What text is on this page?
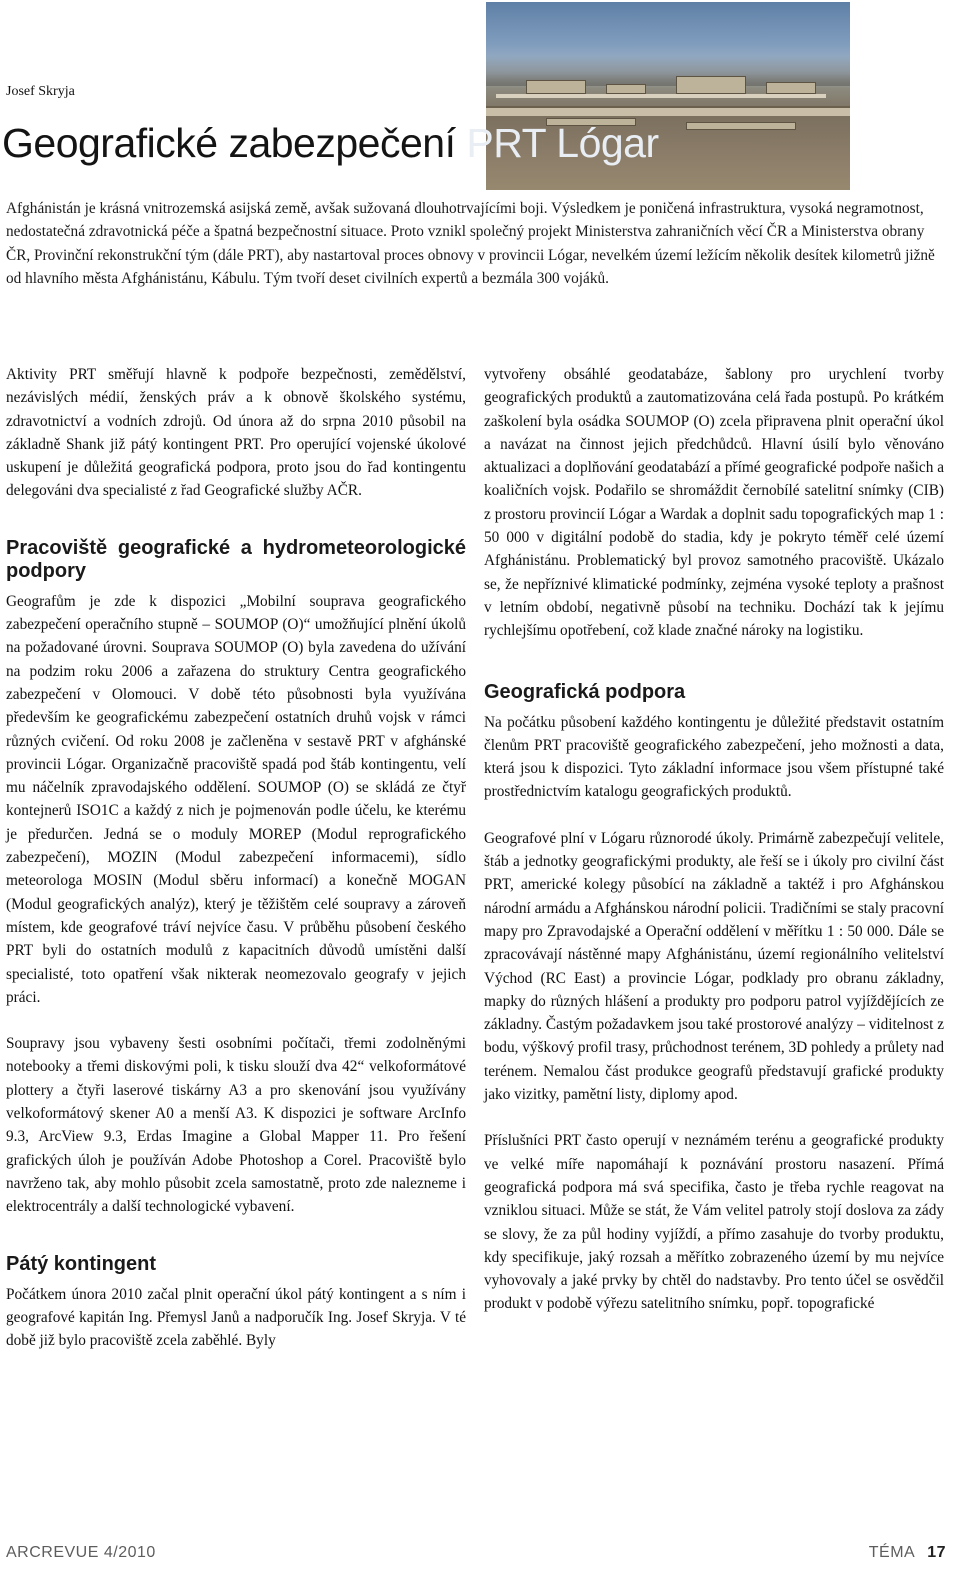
Josef Skryja
Geografické zabezpečení PRT Lógar

Afghánistán je krásná vnitrozemská asijská země, avšak sužovaná dlouhotrvajícími boji. Výsledkem je poničená infrastruktura, vysoká negramotnost, nedostatečná zdravotnická péče a špatná bezpečnostní situace. Proto vznikl společný projekt Ministerstva zahraničních věcí ČR a Ministerstva obrany ČR, Provinční rekonstrukční tým (dále PRT), aby nastartoval proces obnovy v provincii Lógar, nevelkém území ležícím několik desítek kilometrů jižně od hlavního města Afghánistánu, Kábulu. Tým tvoří deset civilních expertů a bezmála 300 vojáků.

Aktivity PRT směřují hlavně k podpoře bezpečnosti, zemědělství, nezávislých médií, ženských práv a k obnově školského systému, zdravotnictví a vodních zdrojů. Od února až do srpna 2010 působil na základně Shank již pátý kontingent PRT. Pro operující vojenské úkolové uskupení je důležitá geografická podpora, proto jsou do řad kontingentu delegováni dva specialisté z řad Geografické služby AČR.

Pracoviště geografické a hydrometeorologické podpory

Geografům je zde k dispozici „Mobilní souprava geografického zabezpečení operačního stupně – SOUMOP (O)“ umožňující plnění úkolů na požadované úrovni. Souprava SOUMOP (O) byla zavedena do užívání na podzim roku 2006 a zařazena do struktury Centra geografického zabezpečení v Olomouci. V době této působnosti byla využívána především ke geografickému zabezpečení ostatních druhů vojsk v rámci různých cvičení. Od roku 2008 je začleněna v sestavě PRT v afghánské provincii Lógar. Organizačně pracoviště spadá pod štáb kontingentu, velí mu náčelník zpravodajského oddělení. SOUMOP (O) se skládá ze čtyř kontejnerů ISO1C a každý z nich je pojmenován podle účelu, ke kterému je předurčen. Jedná se o moduly MOREP (Modul reprografického zabezpečení), MOZIN (Modul zabezpečení informacemi), sídlo meteorologa MOSIN (Modul sběru informací) a konečně MOGAN (Modul geografických analýz), který je těžištěm celé soupravy a zároveň místem, kde geografové tráví nejvíce času. V průběhu působení českého PRT byli do ostatních modulů z kapacitních důvodů umístěni další specialisté, toto opatření však nikterak neomezovalo geografy v jejich práci.

Soupravy jsou vybaveny šesti osobními počítači, třemi zodolněnými notebooky a třemi diskovými poli, k tisku slouží dva 42“ velkoformátové plottery a čtyři laserové tiskárny A3 a pro skenování jsou využívány velkoformátový skener A0 a menší A3. K dispozici je software ArcInfo 9.3, ArcView 9.3, Erdas Imagine a Global Mapper 11. Pro řešení grafických úloh je používán Adobe Photoshop a Corel. Pracoviště bylo navrženo tak, aby mohlo působit zcela samostatně, proto zde nalezneme i elektrocentrály a další technologické vybavení.

Pátý kontingent

Počátkem února 2010 začal plnit operační úkol pátý kontingent a s ním i geografové kapitán Ing. Přemysl Janů a nadporučík Ing. Josef Skryja. V té době již bylo pracoviště zcela zaběhlé. Byly

vytvořeny obsáhlé geodatabáze, šablony pro urychlení tvorby geografických produktů a zautomatizována celá řada postupů. Po krátkém zaškolení byla osádka SOUMOP (O) zcela připravena plnit operační úkol a navázat na činnost jejich předchůdců. Hlavní úsilí bylo věnováno aktualizaci a doplňování geodatabází a přímé geografické podpoře našich a koaličních vojsk. Podařilo se shromáždit černobílé satelitní snímky (CIB) z prostoru provincií Lógar a Wardak a doplnit sadu topografických map 1 : 50 000 v digitální podobě do stadia, kdy je pokryto téměř celé území Afghánistánu. Problematický byl provoz samotného pracoviště. Ukázalo se, že nepříznivé klimatické podmínky, zejména vysoké teploty a prašnost v letním období, negativně působí na techniku. Dochází tak k jejímu rychlejšímu opotřebení, což klade značné nároky na logistiku.

Geografická podpora

Na počátku působení každého kontingentu je důležité představit ostatním členům PRT pracoviště geografického zabezpečení, jeho možnosti a data, která jsou k dispozici. Tyto základní informace jsou všem přístupné také prostřednictvím katalogu geografických produktů.

Geografové plní v Lógaru různorodé úkoly. Primárně zabezpečují velitele, štáb a jednotky geografickými produkty, ale řeší se i úkoly pro civilní část PRT, americké kolegy působící na základně a taktéž i pro Afghánskou národní armádu a Afghánskou národní policii. Tradičními se staly pracovní mapy pro Zpravodajské a Operační oddělení v měřítku 1 : 50 000. Dále se zpracovávají nástěnné mapy Afghánistánu, území regionálního velitelství Východ (RC East) a provincie Lógar, podklady pro obranu základny, mapky do různých hlášení a produkty pro podporu patrol vyjíždějících ze základny. Častým požadavkem jsou také prostorové analýzy – viditelnost z bodu, výškový profil trasy, průchodnost terénem, 3D pohledy a průlety nad terénem. Nemalou část produkce geografů představují grafické produkty jako vizitky, pamětní listy, diplomy apod.

Příslušníci PRT často operují v neznámém terénu a geografické produkty ve velké míře napomáhají k poznávání prostoru nasazení. Přímá geografická podpora má svá specifika, často je třeba rychle reagovat na vzniklou situaci. Může se stát, že Vám velitel patroly stojí doslova za zády se slovy, že za půl hodiny vyjíždí, a přímo zasahuje do tvorby produktu, kdy specifikuje, jaký rozsah a měřítko zobrazeného území by mu nejvíce vyhovovaly a jaké prvky by chtěl do nadstavby. Pro tento účel se osvědčil produkt v podobě výřezu satelitního snímku, popř. topografické

ARCREVUE 4/2010	TÉMA 17
